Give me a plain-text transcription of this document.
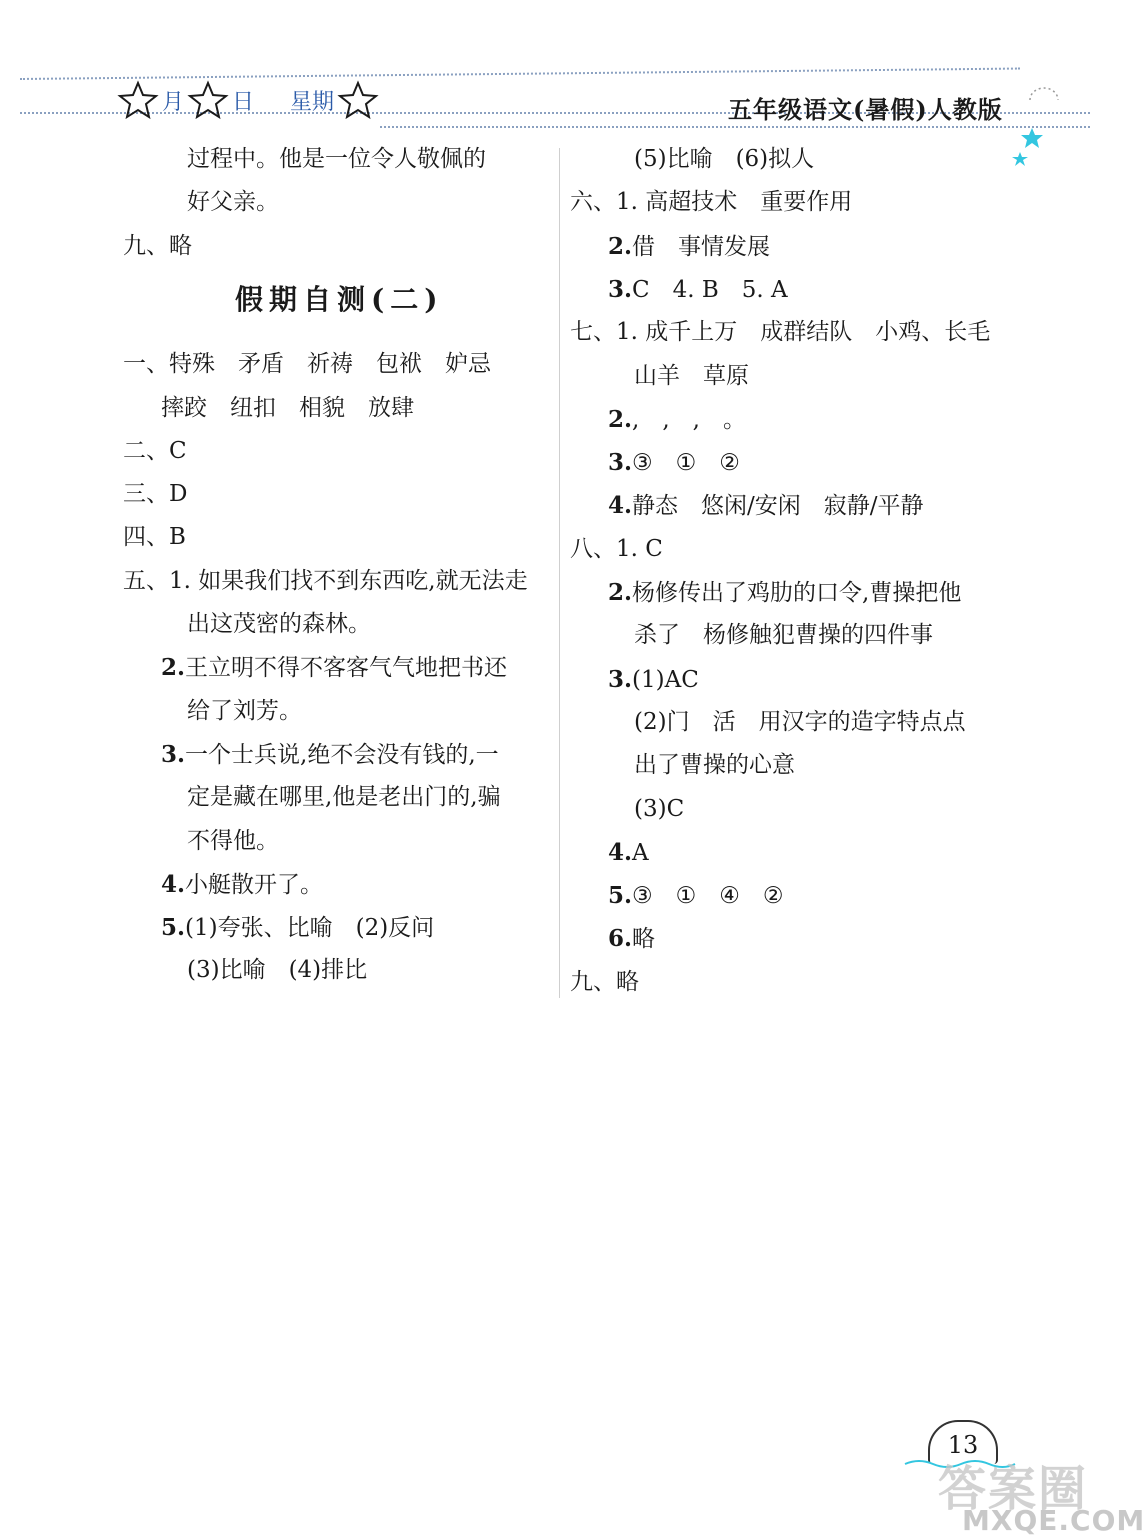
月 日 星期	五年级语文(暑假)人教版
过程中。他是一位令人敬佩的
好父亲。
九、略
假期自测(二)
一、特殊　矛盾　祈祷　包袱　妒忌
摔跤　纽扣　相貌　放肆
二、C
三、D
四、B
五、1. 如果我们找不到东西吃,就无法走
出这茂密的森林。
2.王立明不得不客客气气地把书还
给了刘芳。
3.一个士兵说,绝不会没有钱的,一
定是藏在哪里,他是老出门的,骗
不得他。
4.小艇散开了。
5.(1)夸张、比喻　(2)反问
(3)比喻　(4)排比
(5)比喻　(6)拟人
六、1. 高超技术　重要作用
2.借　事情发展
3.C　4. B　5. A
七、1. 成千上万　成群结队　小鸡、长毛
山羊　草原
2.,　,　,　。
3.③　①　②
4.静态　悠闲/安闲　寂静/平静
八、1. C
2.杨修传出了鸡肋的口令,曹操把他
杀了　杨修触犯曹操的四件事
3.(1)AC
(2)门　活　用汉字的造字特点点
出了曹操的心意
(3)C
4.A
5.③　①　④　②
6.略
九、略
13
答案圈
MXQE.COM
